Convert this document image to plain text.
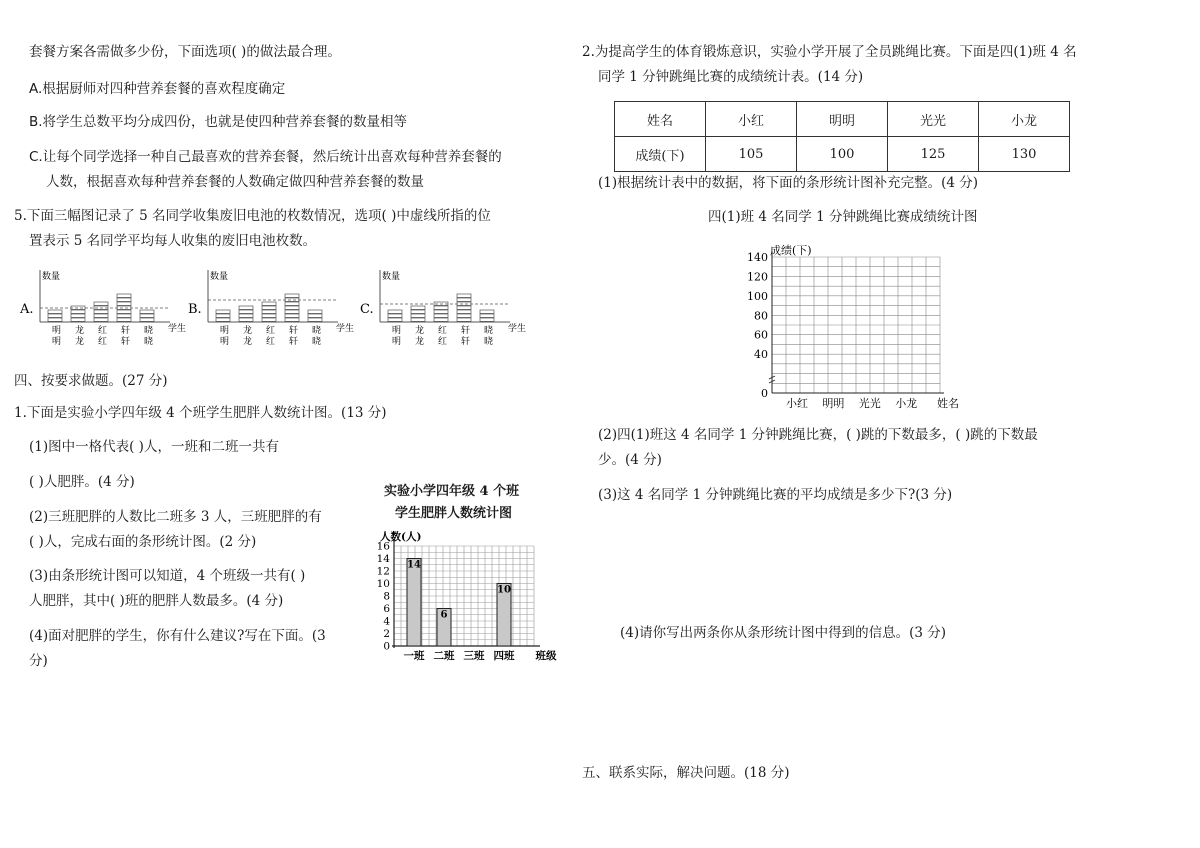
套餐方案各需做多少份，下面选项( )的做法最合理。
A.根据厨师对四种营养套餐的喜欢程度确定
B.将学生总数平均分成四份，也就是使四种营养套餐的数量相等
C.让每个同学选择一种自己最喜欢的营养套餐，然后统计出喜欢每种营养套餐的
人数，根据喜欢每种营养套餐的人数确定做四种营养套餐的数量
5.下面三幅图记录了 5 名同学收集废旧电池的枚数情况，选项( )中虚线所指的位
置表示 5 名同学平均每人收集的废旧电池枚数。
A.
数量
学生
明
明
龙
龙
红
红
轩
轩
晓
晓
B.
数量
学生
明
明
龙
龙
红
红
轩
轩
晓
晓
C.
数量
学生
明
明
龙
龙
红
红
轩
轩
晓
晓
四、按要求做题。(27 分)
1.下面是实验小学四年级 4 个班学生肥胖人数统计图。(13 分)
(1)图中一格代表( )人，一班和二班一共有
( )人肥胖。(4 分)
(2)三班肥胖的人数比二班多 3 人，三班肥胖的有
( )人，完成右面的条形统计图。(2 分)
(3)由条形统计图可以知道，4 个班级一共有( )
人肥胖，其中( )班的肥胖人数最多。(4 分)
(4)面对肥胖的学生，你有什么建议?写在下面。(3
分)
实验小学四年级 4 个班
学生肥胖人数统计图
人数(人)
0
2
4
6
8
10
12
14
16
14
一班
6
二班 三班
10
四班 班级
2.为提高学生的体育锻炼意识，实验小学开展了全员跳绳比赛。下面是四(1)班 4 名
同学 1 分钟跳绳比赛的成绩统计表。(14 分)
姓名	小红	明明	光光	小龙
成绩(下)	105	100	125	130
(1)根据统计表中的数据，将下面的条形统计图补充完整。(4 分)
四(1)班 4 名同学 1 分钟跳绳比赛成绩统计图
成绩(下)
0
40
60
80
100
120
140
小红 明明 光光 小龙 姓名
(2)四(1)班这 4 名同学 1 分钟跳绳比赛，( )跳的下数最多，( )跳的下数最
少。(4 分)
(3)这 4 名同学 1 分钟跳绳比赛的平均成绩是多少下?(3 分)
(4)请你写出两条你从条形统计图中得到的信息。(3 分)
五、联系实际，解决问题。(18 分)
